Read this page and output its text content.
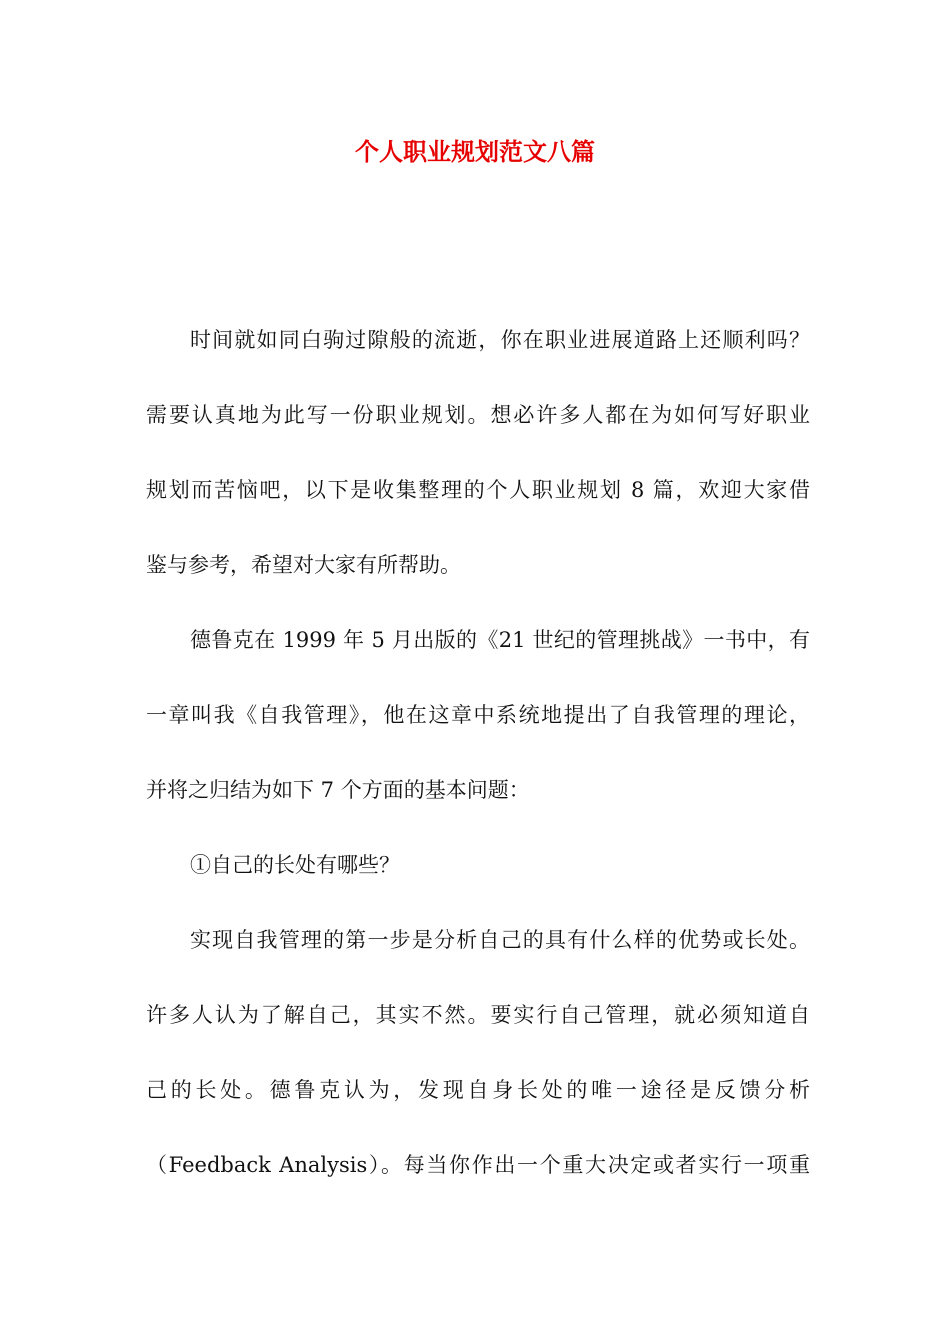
个人职业规划范文八篇

时间就如同白驹过隙般的流逝，你在职业进展道路上还顺利吗？

需要认真地为此写一份职业规划。想必许多人都在为如何写好职业

规划而苦恼吧，以下是收集整理的个人职业规划 8 篇，欢迎大家借

鉴与参考，希望对大家有所帮助。

德鲁克在 1999 年 5 月出版的《21 世纪的管理挑战》一书中，有

一章叫我《自我管理》，他在这章中系统地提出了自我管理的理论，

并将之归结为如下 7 个方面的基本问题：

①自己的长处有哪些？

实现自我管理的第一步是分析自己的具有什么样的优势或长处。

许多人认为了解自己，其实不然。要实行自己管理，就必须知道自

己的长处。德鲁克认为，发现自身长处的唯一途径是反馈分析

（Feedback Analysis）。每当你作出一个重大决定或者实行一项重
